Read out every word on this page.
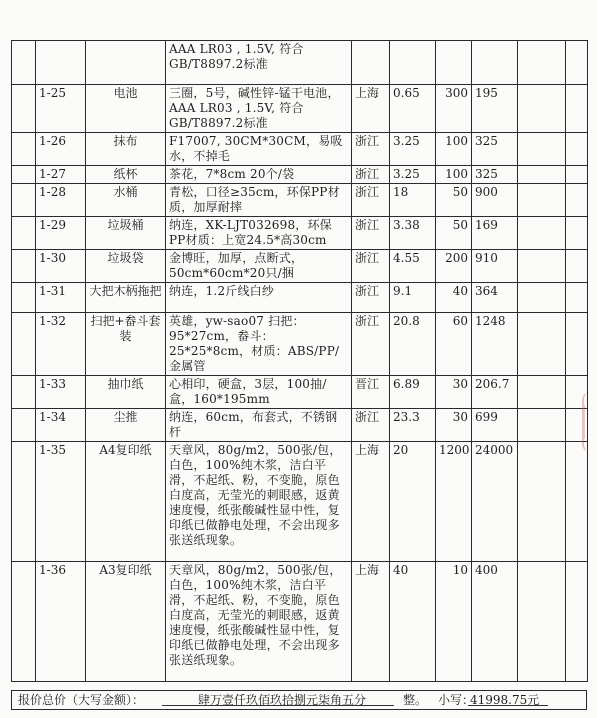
			AAA LR03 , 1.5V, 符合GB/T8897.2标准						
	1-25	电池	三圈，5号，碱性锌-锰干电池，AAA LR03 , 1.5V, 符合GB/T8897.2标准	上海	0.65	300	195		
	1-26	抹布	F17007, 30CM*30CM，易吸水，不掉毛	浙江	3.25	100	325		
	1-27	纸杯	茶花，7*8cm 20个/袋	浙江	3.25	100	325		
	1-28	水桶	青松，口径≥35cm，环保PP材质，加厚耐摔	浙江	18	50	900		
	1-29	垃圾桶	纳连，XK-LJT032698，环保PP材质：上宽24.5*高30cm	浙江	3.38	50	169		
	1-30	垃圾袋	金博旺，加厚，点断式，50cm*60cm*20只/捆	浙江	4.55	200	910		
	1-31	大把木柄拖把	纳连，1.2斤线白纱	浙江	9.1	40	364		
	1-32	扫把+畚斗套装	英雄，yw-sao07 扫把：95*27cm，畚斗：25*25*8cm，材质：ABS/PP/金属管	浙江	20.8	60	1248		
	1-33	抽巾纸	心相印，硬盒，3层，100抽/盒，160*195mm	晋江	6.89	30	206.7		
	1-34	尘推	纳连，60cm，布套式，不锈钢杆	浙江	23.3	30	699		
	1-35	A4复印纸	天章风，80g/m2，500张/包，白色，100%纯木浆，洁白平滑，不起纸、粉，不变脆，原色白度高，无莹光的刺眼感，返黄速度慢，纸张酸碱性显中性，复印纸已做静电处理，不会出现多张送纸现象。	上海	20	1200	24000		
	1-36	A3复印纸	天章风，80g/m2，500张/包，白色，100%纯木浆，洁白平滑，不起纸、粉，不变脆，原色白度高，无莹光的刺眼感，返黄速度慢，纸张酸碱性显中性，复印纸已做静电处理，不会出现多张送纸现象。	上海	40	10	400		
报价总价（大写金额）：	肆万壹仟玖佰玖拾捌元柒角五分	整。 小写：
41998.75元
